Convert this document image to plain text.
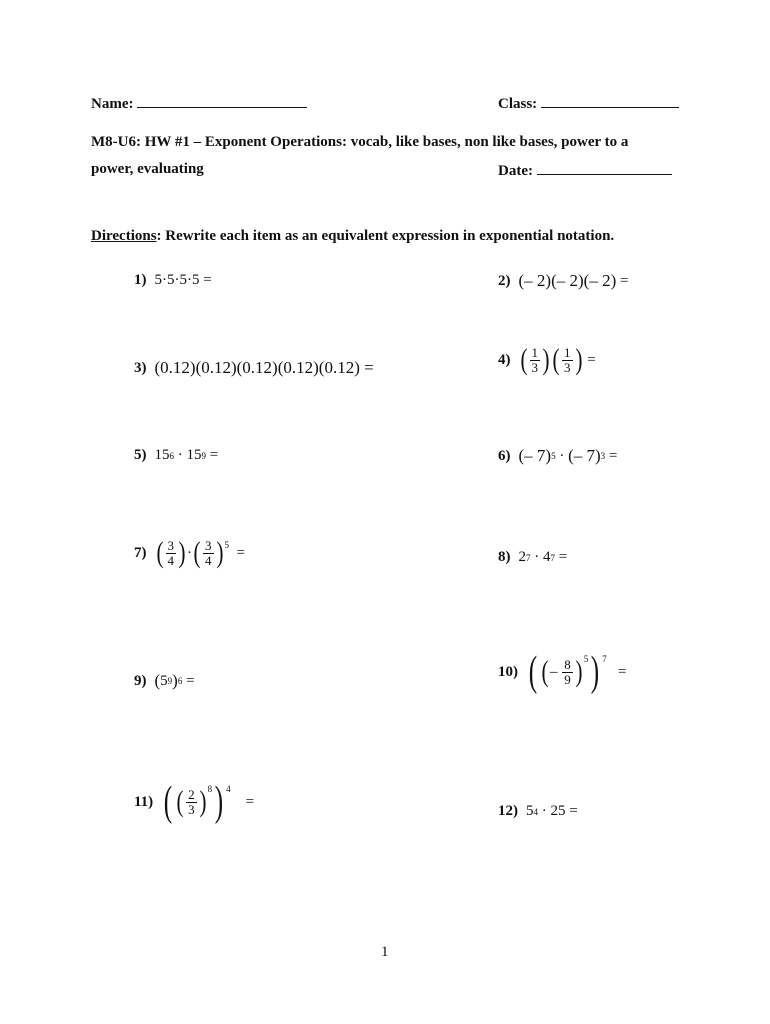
Name:	Class:
M8-U6: HW #1 – Exponent Operations: vocab, like bases, non like bases, power to a
power, evaluating	Date:
Directions: Rewrite each item as an equivalent expression in exponential notation.
1) 5·5·5·5 =	2) (– 2) (– 2) (– 2)
=
3) (0.12)(0.12)(0.12)(0.12)(0.12) =	4) ( $\frac{1}{3}$ ) ( $\frac{1}{3}$ )
=
5) 15 6
·
15 9
=	6) (– 7) 5
·
(– 7) 3
=
7) ( $\frac{3}{4}$ ) · ( $\frac{3}{4}$ ) 5
=	8) 2 7
·
4 7
=
9) ( 5 9 ) 6
=
10) ( ( –
$\frac{8}{9}$ ) 5 ) 7

=
11) ( ( $\frac{2}{3}$ ) 8 ) 4

=
12) 5 4
·
25
=
1
